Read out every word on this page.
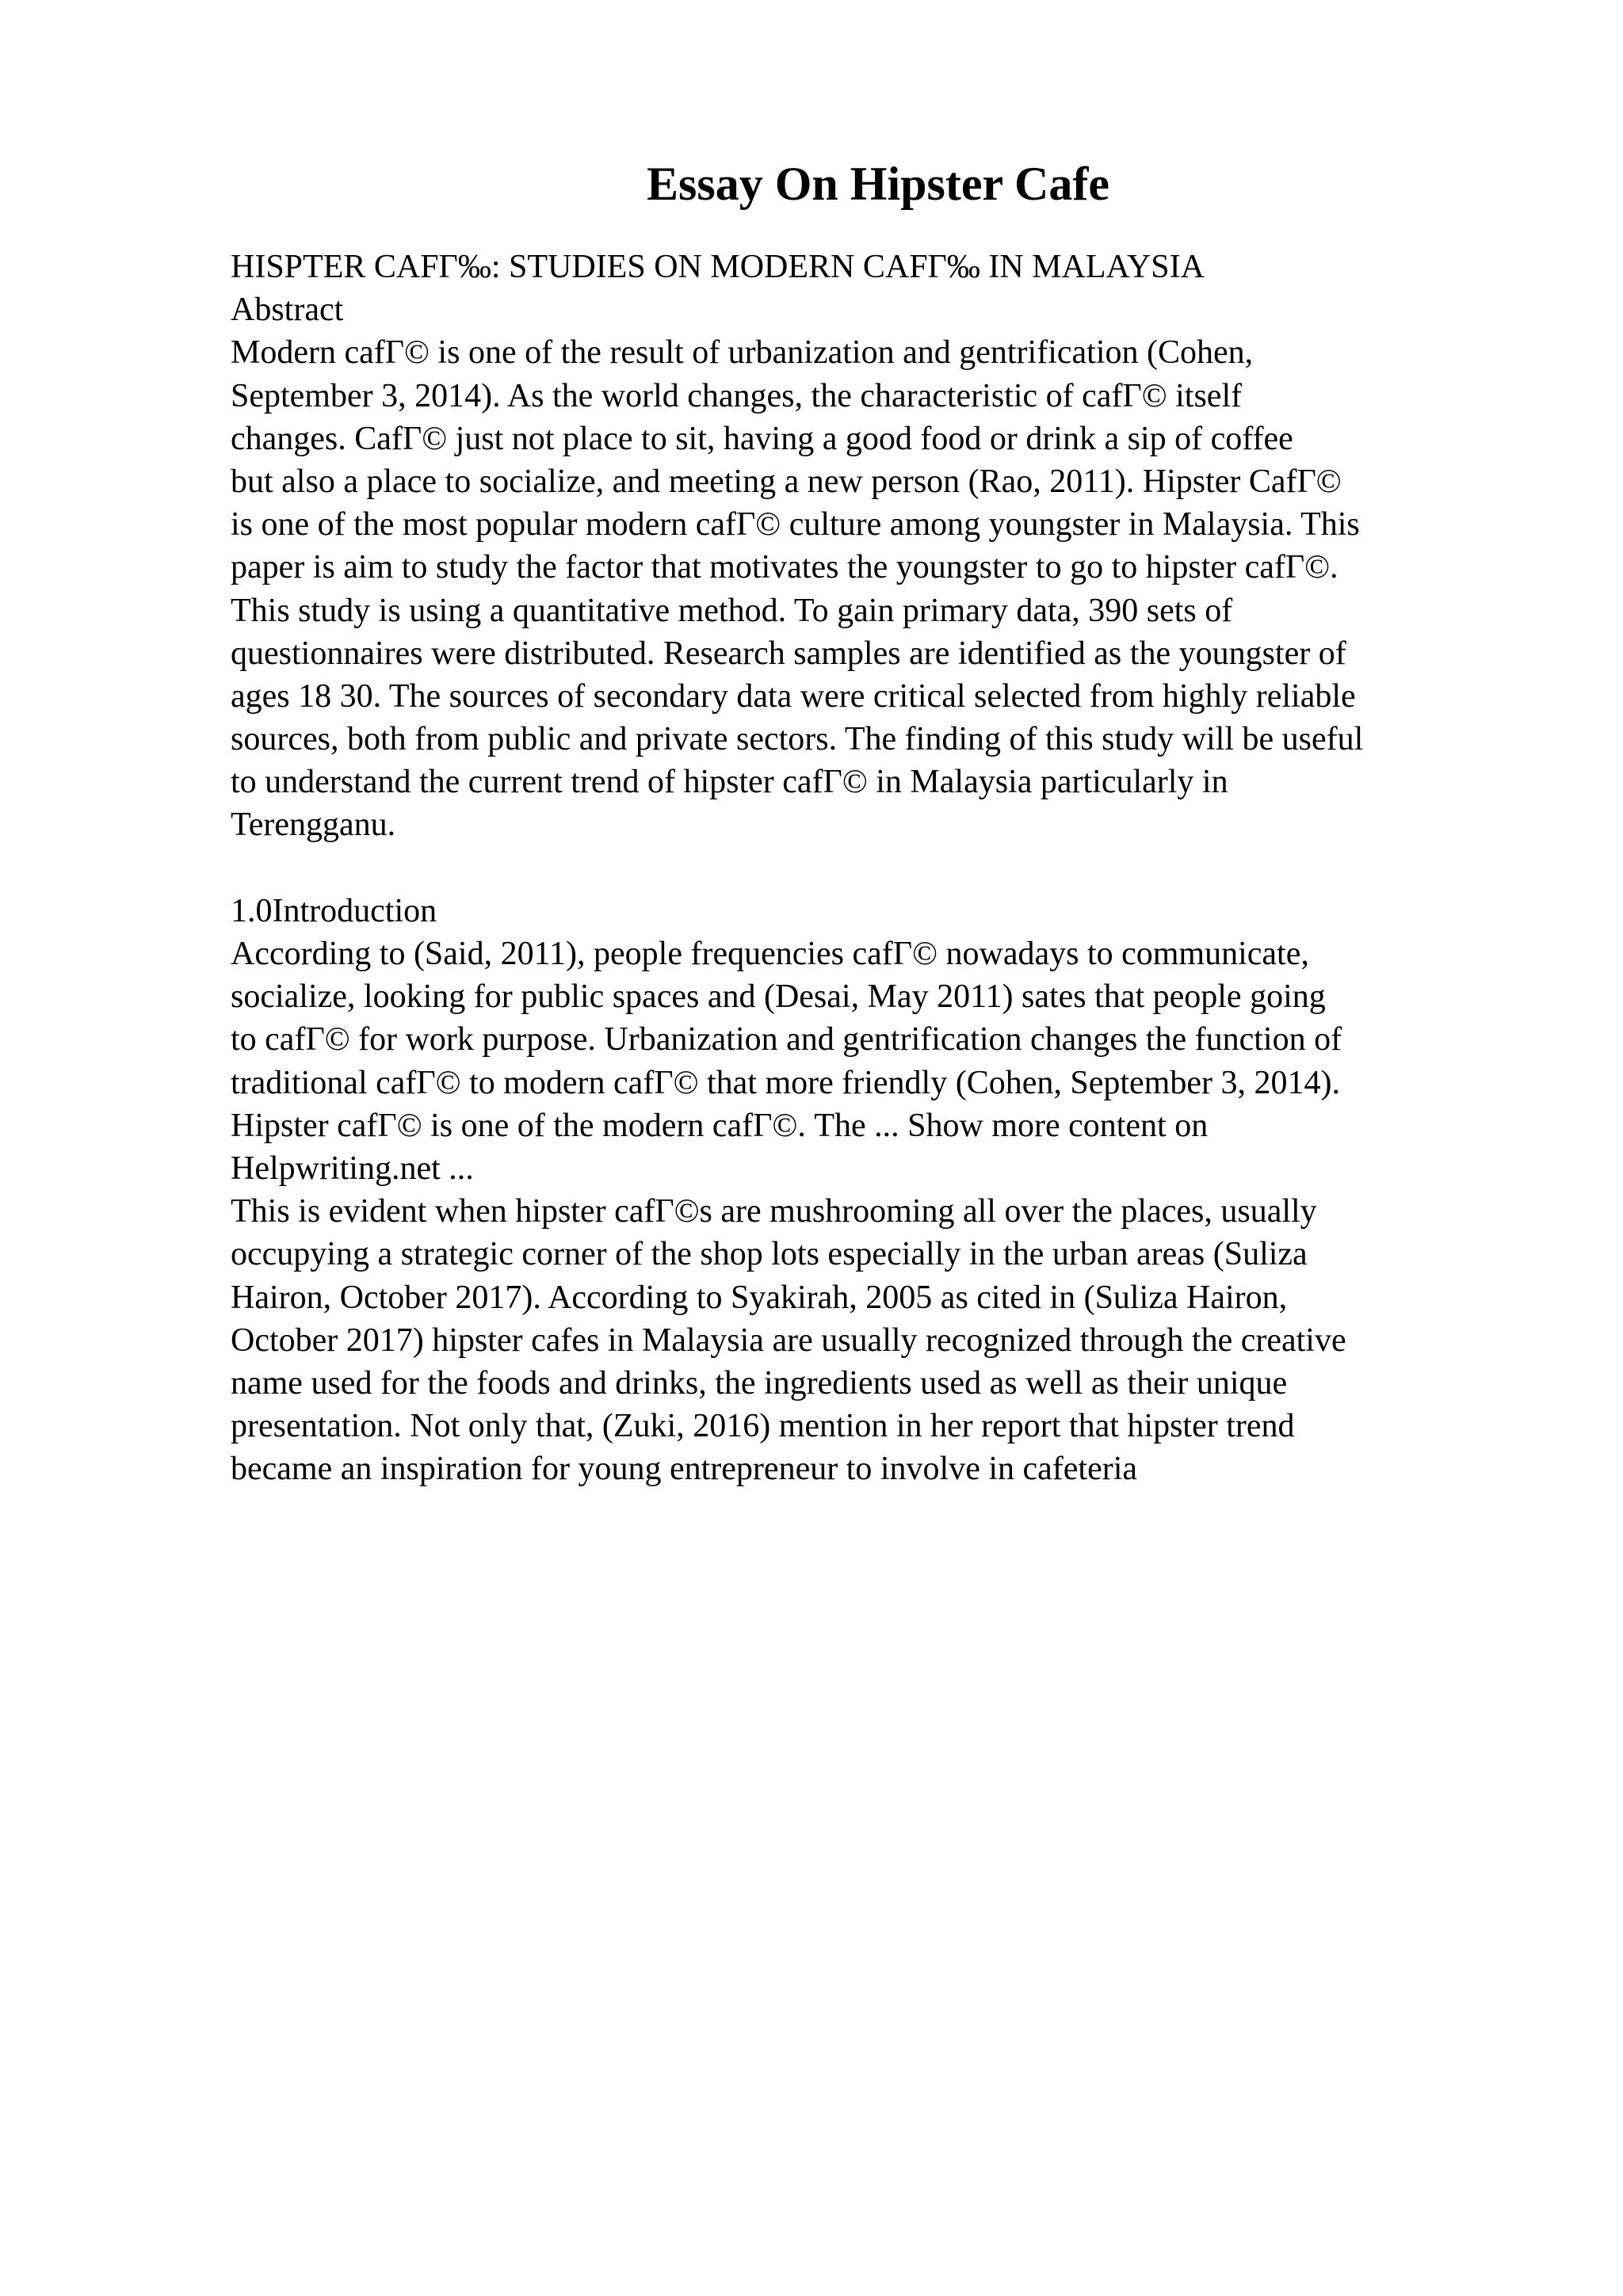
Essay On Hipster Cafe
HISPTER CAFΓ‰: STUDIES ON MODERN CAFΓ‰ IN MALAYSIA
Abstract
Modern cafΓ© is one of the result of urbanization and gentrification (Cohen,
September 3, 2014). As the world changes, the characteristic of cafΓ© itself
changes. CafΓ© just not place to sit, having a good food or drink a sip of coffee
but also a place to socialize, and meeting a new person (Rao, 2011). Hipster CafΓ©
is one of the most popular modern cafΓ© culture among youngster in Malaysia. This
paper is aim to study the factor that motivates the youngster to go to hipster cafΓ©.
This study is using a quantitative method. To gain primary data, 390 sets of
questionnaires were distributed. Research samples are identified as the youngster of
ages 18 30. The sources of secondary data were critical selected from highly reliable
sources, both from public and private sectors. The finding of this study will be useful
to understand the current trend of hipster cafΓ© in Malaysia particularly in
Terengganu.
1.0Introduction
According to (Said, 2011), people frequencies cafΓ© nowadays to communicate,
socialize, looking for public spaces and (Desai, May 2011) sates that people going
to cafΓ© for work purpose. Urbanization and gentrification changes the function of
traditional cafΓ© to modern cafΓ© that more friendly (Cohen, September 3, 2014).
Hipster cafΓ© is one of the modern cafΓ©. The ... Show more content on
Helpwriting.net ...
This is evident when hipster cafΓ©s are mushrooming all over the places, usually
occupying a strategic corner of the shop lots especially in the urban areas (Suliza
Hairon, October 2017). According to Syakirah, 2005 as cited in (Suliza Hairon,
October 2017) hipster cafes in Malaysia are usually recognized through the creative
name used for the foods and drinks, the ingredients used as well as their unique
presentation. Not only that, (Zuki, 2016) mention in her report that hipster trend
became an inspiration for young entrepreneur to involve in cafeteria
